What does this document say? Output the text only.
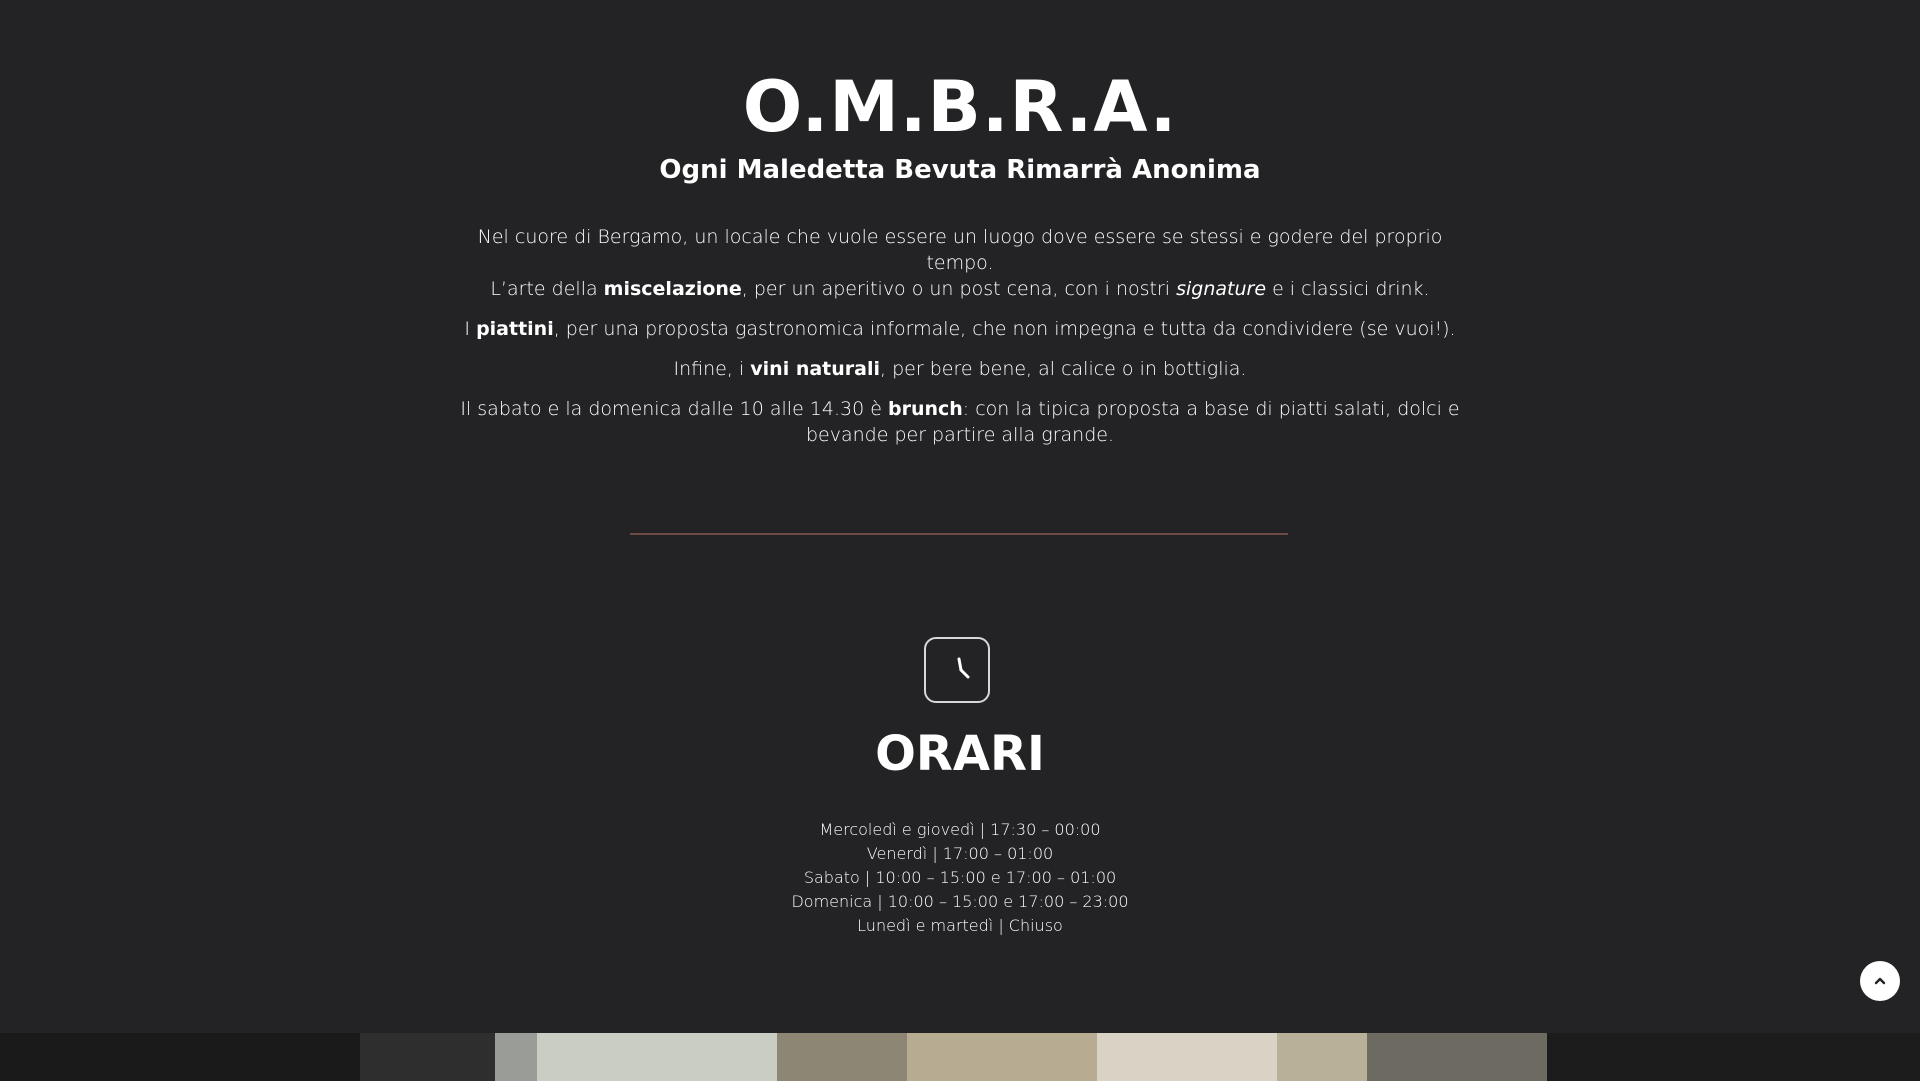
O.M.B.R.A.
Ogni Maledetta Bevuta Rimarrà Anonima

Nel cuore di Bergamo, un locale che vuole essere un luogo dove essere se stessi e godere del proprio tempo.
L’arte della miscelazione, per un aperitivo o un post cena, con i nostri signature e i classici drink.

I piattini, per una proposta gastronomica informale, che non impegna e tutta da condividere (se vuoi!).

Infine, i vini naturali, per bere bene, al calice o in bottiglia.

Il sabato e la domenica dalle 10 alle 14.30 è brunch: con la tipica proposta a base di piatti salati, dolci e bevande per partire alla grande.

ORARI
Mercoledì e giovedì | 17:30 – 00:00
Venerdì | 17:00 – 01:00
Sabato | 10:00 – 15:00 e 17:00 – 01:00
Domenica | 10:00 – 15:00 e 17:00 – 23:00
Lunedì e martedì | Chiuso
